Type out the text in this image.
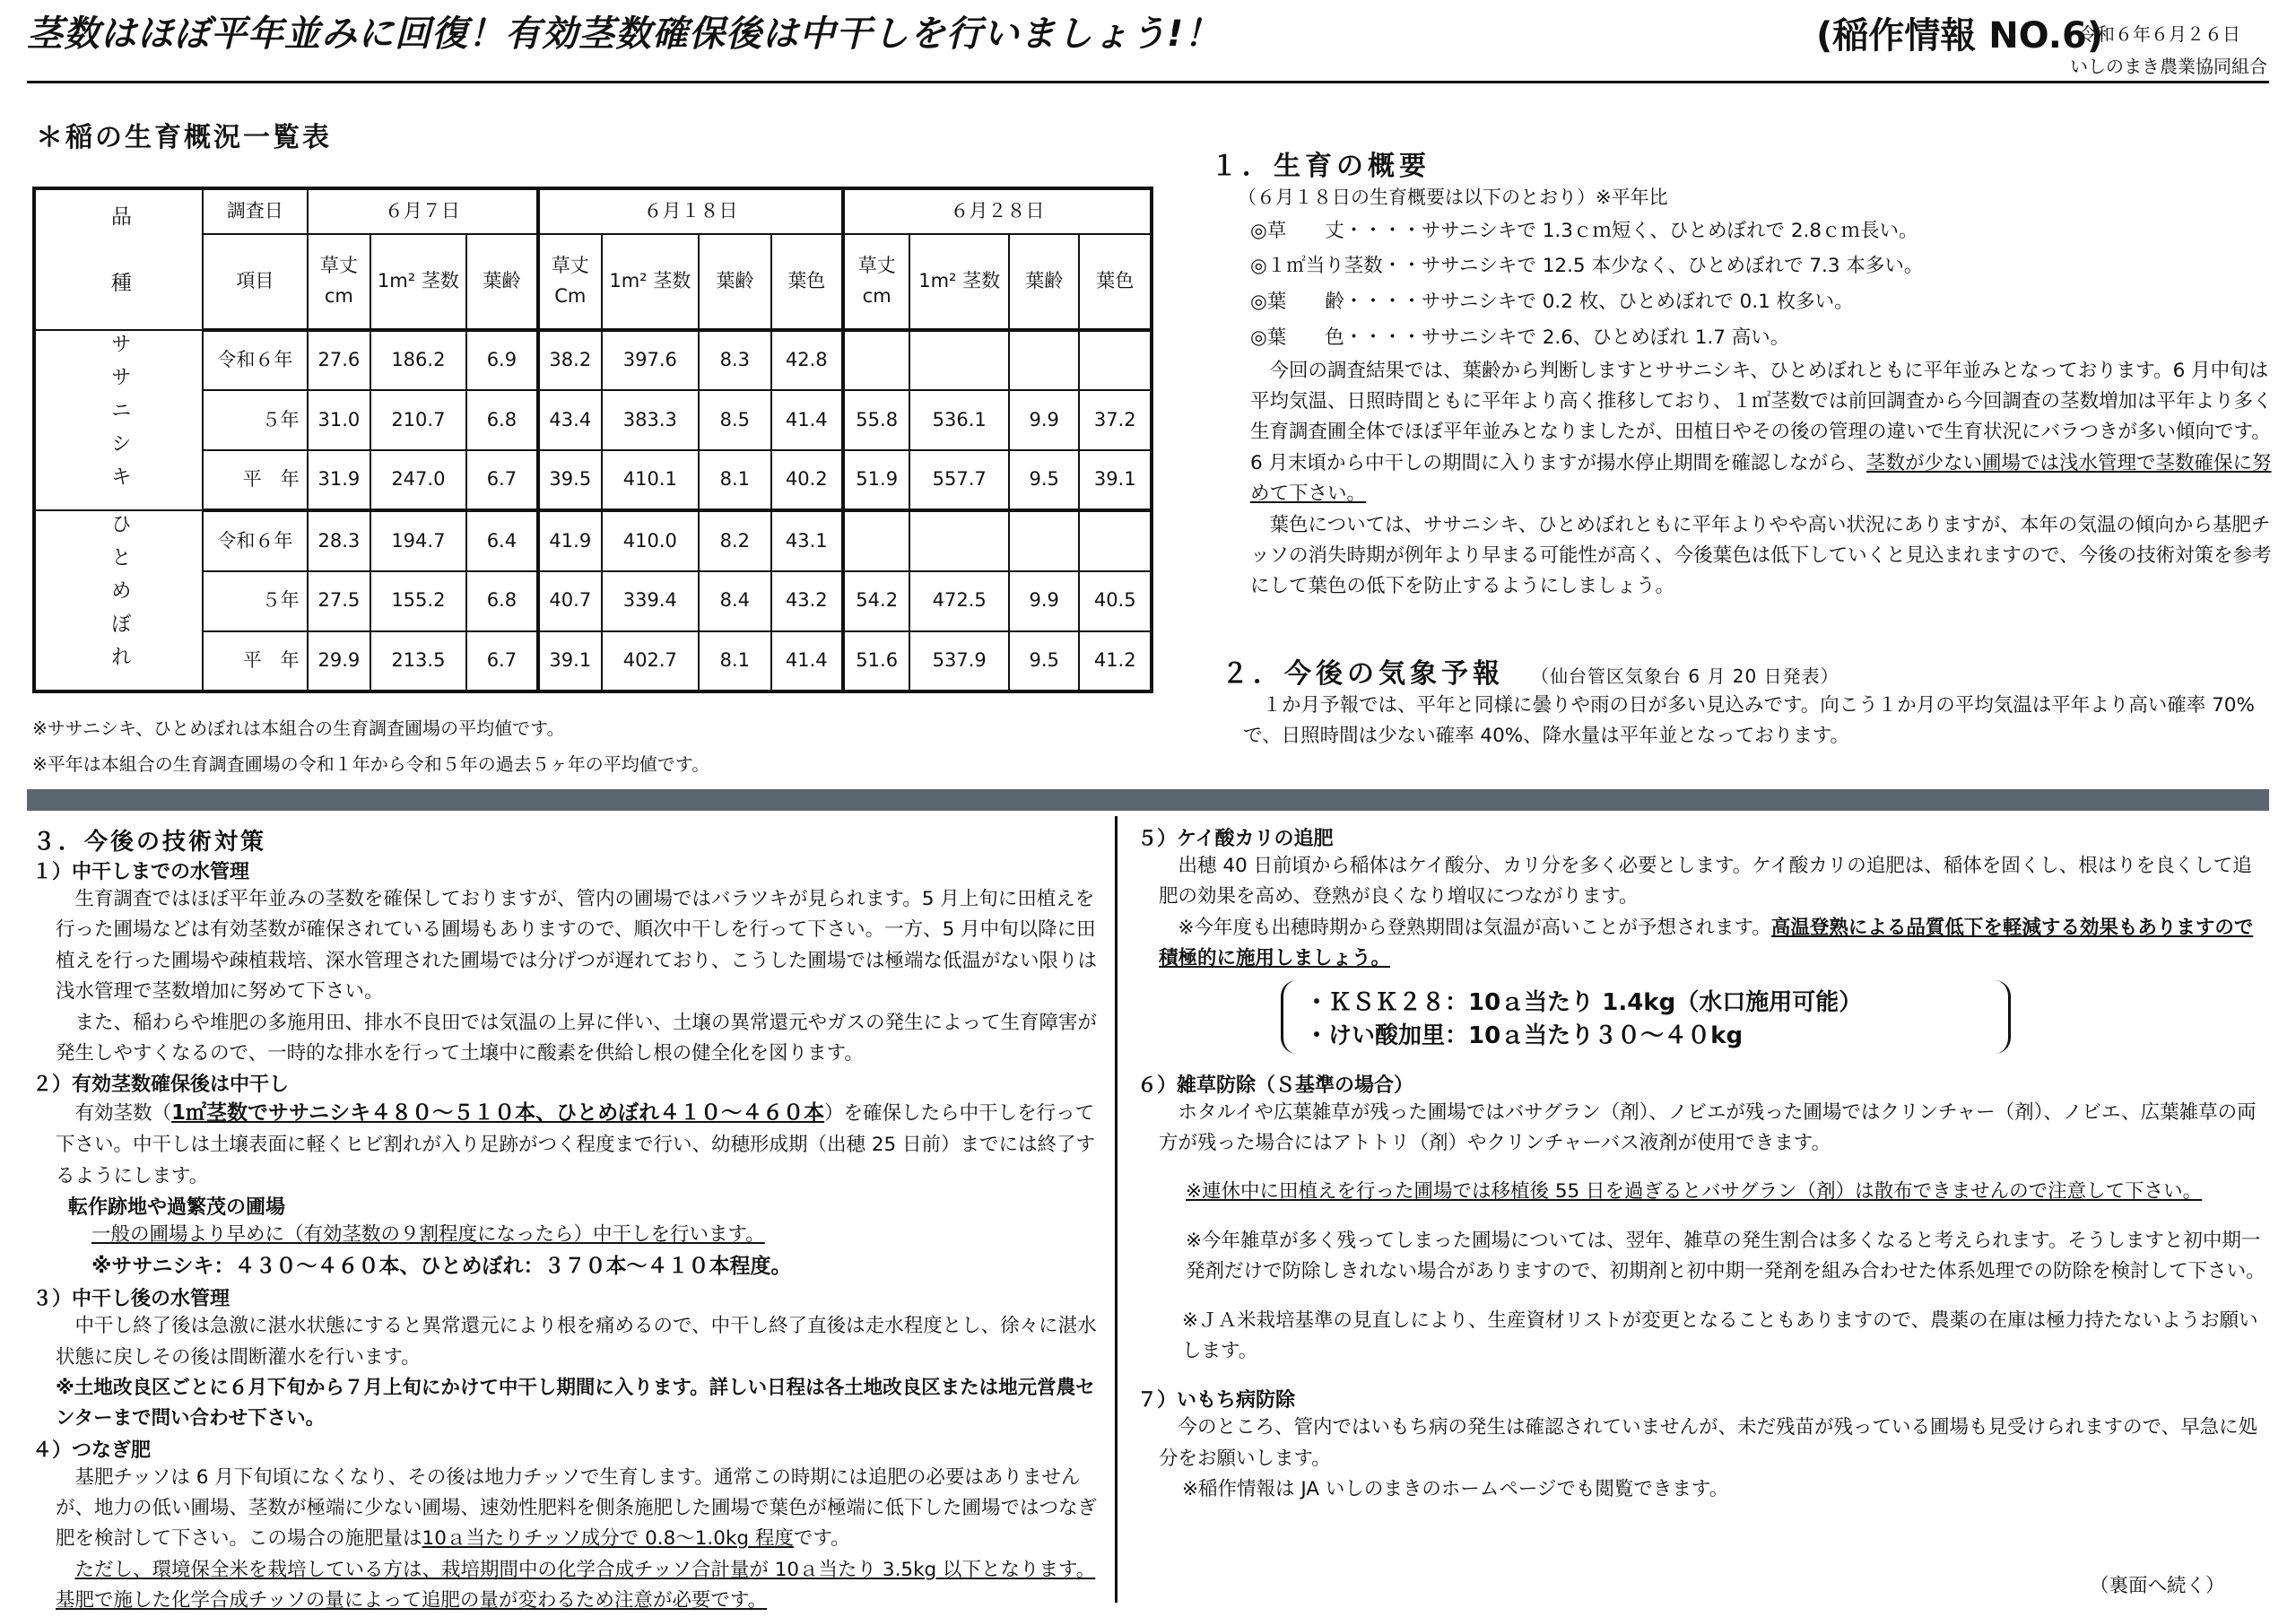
茎数はほぼ平年並みに回復！有効茎数確保後は中干しを行いましょう!！	(稲作情報 NO.6)
令和６年６月２６日
いしのまき農業協同組合
＊稲の生育概況一覧表
品　種	調査日	６月７日			６月１８日				６月２８日			
	項目	草丈 cm	1m² 茎数	葉齢	草丈 Cm	1m² 茎数	葉齢	葉色	草丈 cm	1m² 茎数	葉齢	葉色
ササニシキ	令和６年	27.6	186.2	6.9	38.2	397.6	8.3	42.8				
	５年	31.0	210.7	6.8	43.4	383.3	8.5	41.4	55.8	536.1	9.9	37.2
	平　年	31.9	247.0	6.7	39.5	410.1	8.1	40.2	51.9	557.7	9.5	39.1
ひとめぼれ	令和６年	28.3	194.7	6.4	41.9	410.0	8.2	43.1				
	５年	27.5	155.2	6.8	40.7	339.4	8.4	43.2	54.2	472.5	9.9	40.5
	平　年	29.9	213.5	6.7	39.1	402.7	8.1	41.4	51.6	537.9	9.5	41.2
※ササニシキ、ひとめぼれは本組合の生育調査圃場の平均値です。
※平年は本組合の生育調査圃場の令和１年から令和５年の過去５ヶ年の平均値です。
１．生育の概要
（６月１８日の生育概要は以下のとおり）※平年比
◎草　　丈・・・・ササニシキで 1.3ｃｍ短く、ひとめぼれで 2.8ｃｍ長い。
◎１㎡当り茎数・・ササニシキで 12.5 本少なく、ひとめぼれで 7.3 本多い。
◎葉　　齢・・・・ササニシキで 0.2 枚、ひとめぼれで 0.1 枚多い。
◎葉　　色・・・・ササニシキで 2.6、ひとめぼれ 1.7 高い。

今回の調査結果では、葉齢から判断しますとササニシキ、ひとめぼれともに平年並みとなっております。6 月中旬は平均気温、日照時間ともに平年より高く推移しており、１㎡茎数では前回調査から今回調査の茎数増加は平年より多く生育調査圃全体でほぼ平年並みとなりましたが、田植日やその後の管理の違いで生育状況にバラつきが多い傾向です。6 月末頃から中干しの期間に入りますが揚水停止期間を確認しながら、茎数が少ない圃場では浅水管理で茎数確保に努めて下さい。

葉色については、ササニシキ、ひとめぼれともに平年よりやや高い状況にありますが、本年の気温の傾向から基肥チッソの消失時期が例年より早まる可能性が高く、今後葉色は低下していくと見込まれますので、今後の技術対策を参考にして葉色の低下を防止するようにしましょう。

２．今後の気象予報 （仙台管区気象台 6 月 20 日発表）

１か月予報では、平年と同様に曇りや雨の日が多い見込みです。向こう１か月の平均気温は平年より高い確率 70%で、日照時間は少ない確率 40%、降水量は平年並となっております。

３．今後の技術対策
１）中干しまでの水管理

生育調査ではほぼ平年並みの茎数を確保しておりますが、管内の圃場ではバラツキが見られます。5 月上旬に田植えを行った圃場などは有効茎数が確保されている圃場もありますので、順次中干しを行って下さい。一方、5 月中旬以降に田植えを行った圃場や疎植栽培、深水管理された圃場では分げつが遅れており、こうした圃場では極端な低温がない限りは浅水管理で茎数増加に努めて下さい。

また、稲わらや堆肥の多施用田、排水不良田では気温の上昇に伴い、土壌の異常還元やガスの発生によって生育障害が発生しやすくなるので、一時的な排水を行って土壌中に酸素を供給し根の健全化を図ります。

２）有効茎数確保後は中干し

有効茎数（1㎡茎数でササニシキ４８０～５１０本、ひとめぼれ４１０～４６０本）を確保したら中干しを行って下さい。中干しは土壌表面に軽くヒビ割れが入り足跡がつく程度まで行い、幼穂形成期（出穂 25 日前）までには終了するようにします。

転作跡地や過繁茂の圃場

一般の圃場より早めに（有効茎数の９割程度になったら）中干しを行います。

※ササニシキ：４３０～４６０本、ひとめぼれ：３７０本～４１０本程度。

３）中干し後の水管理

中干し終了後は急激に湛水状態にすると異常還元により根を痛めるので、中干し終了直後は走水程度とし、徐々に湛水状態に戻しその後は間断灌水を行います。

※土地改良区ごとに６月下旬から７月上旬にかけて中干し期間に入ります。詳しい日程は各土地改良区または地元営農センターまで問い合わせ下さい。

４）つなぎ肥

基肥チッソは 6 月下旬頃になくなり、その後は地力チッソで生育します。通常この時期には追肥の必要はありませんが、地力の低い圃場、茎数が極端に少ない圃場、速効性肥料を側条施肥した圃場で葉色が極端に低下した圃場ではつなぎ肥を検討して下さい。この場合の施肥量は10ａ当たりチッソ成分で 0.8～1.0kg 程度です。

ただし、環境保全米を栽培している方は、栽培期間中の化学合成チッソ合計量が 10ａ当たり 3.5kg 以下となります。基肥で施した化学合成チッソの量によって追肥の量が変わるため注意が必要です。

５）ケイ酸カリの追肥

出穂 40 日前頃から稲体はケイ酸分、カリ分を多く必要とします。ケイ酸カリの追肥は、稲体を固くし、根はりを良くして追肥の効果を高め、登熟が良くなり増収につながります。

※今年度も出穂時期から登熟期間は気温が高いことが予想されます。高温登熟による品質低下を軽減する効果もありますので積極的に施用しましょう。

・ＫＳＫ２８：10ａ当たり 1.4kg（水口施用可能）
・けい酸加里：10ａ当たり３０～４０kg
６）雑草防除（Ｓ基準の場合）

ホタルイや広葉雑草が残った圃場ではバサグラン（剤）、ノビエが残った圃場ではクリンチャー（剤）、ノビエ、広葉雑草の両方が残った場合にはアトトリ（剤）やクリンチャーバス液剤が使用できます。

※連休中に田植えを行った圃場では移植後 55 日を過ぎるとバサグラン（剤）は散布できませんので注意して下さい。

※今年雑草が多く残ってしまった圃場については、翌年、雑草の発生割合は多くなると考えられます。そうしますと初中期一発剤だけで防除しきれない場合がありますので、初期剤と初中期一発剤を組み合わせた体系処理での防除を検討して下さい。

※ＪＡ米栽培基準の見直しにより、生産資材リストが変更となることもありますので、農薬の在庫は極力持たないようお願いします。

７）いもち病防除

今のところ、管内ではいもち病の発生は確認されていませんが、未だ残苗が残っている圃場も見受けられますので、早急に処分をお願いします。

※稲作情報は JA いしのまきのホームページでも閲覧できます。

（裏面へ続く）
